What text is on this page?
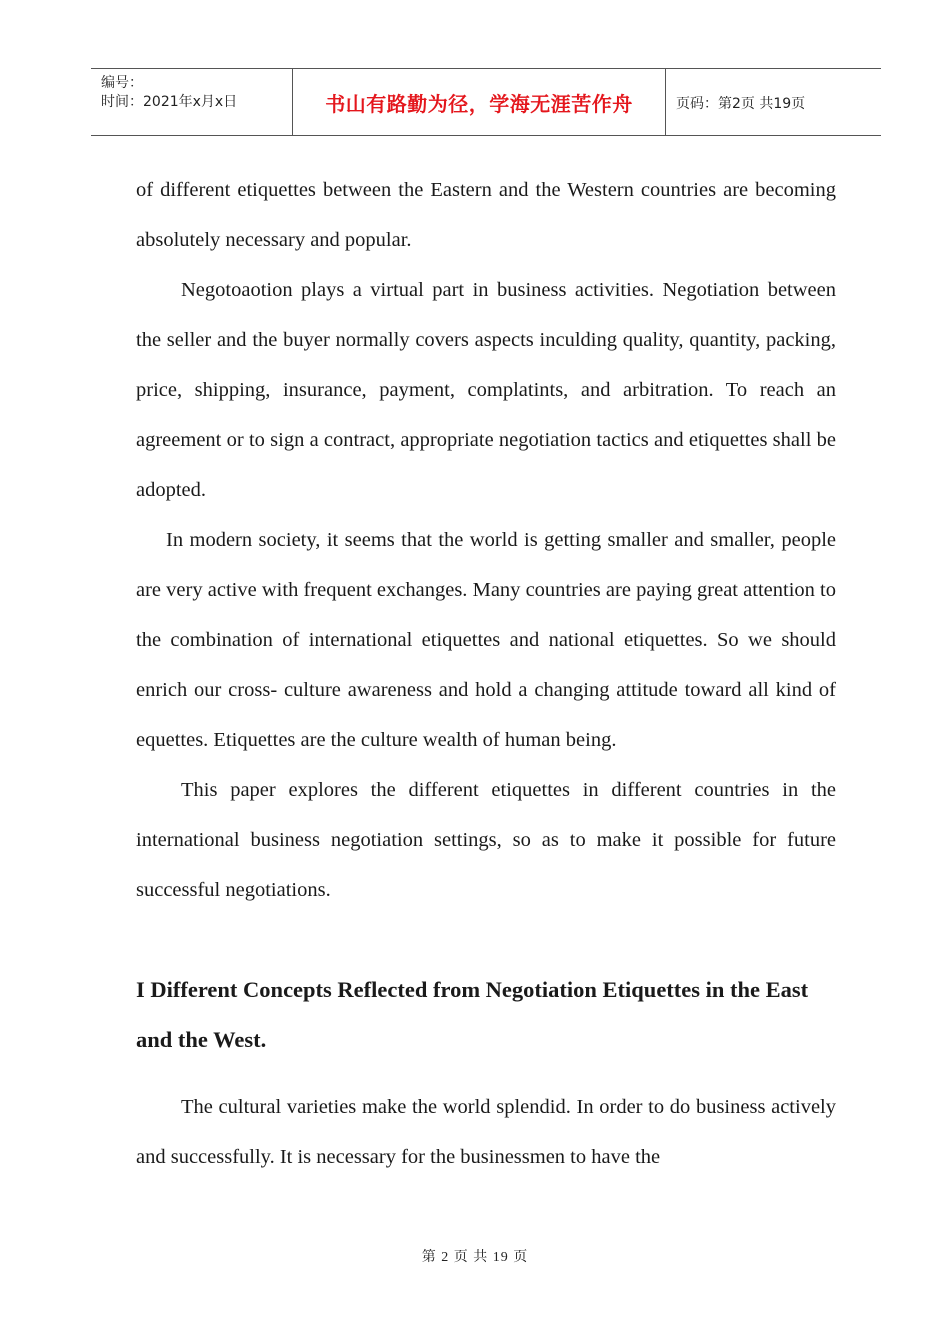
编号：
时间：2021年x月x日	书山有路勤为径，学海无涯苦作舟	页码：第2页 共19页

of different etiquettes between the Eastern and the Western countries are becoming absolutely necessary and popular.

Negotoaotion plays a virtual part in business activities. Negotiation between the seller and the buyer normally covers aspects inculding quality, quantity, packing, price, shipping, insurance, payment, complatints, and arbitration. To reach an agreement or to sign a contract, appropriate negotiation tactics and etiquettes shall be adopted.

In modern society, it seems that the world is getting smaller and smaller, people are very active with frequent exchanges. Many countries are paying great attention to the combination of international etiquettes and national etiquettes. So we should enrich our cross- culture awareness and hold a changing attitude toward all kind of equettes. Etiquettes are the culture wealth of human being.

This paper explores the different etiquettes in different countries in the international business negotiation settings, so as to make it possible for future successful negotiations.

I Different Concepts Reflected from Negotiation Etiquettes in the East and the West.

The cultural varieties make the world splendid. In order to do business actively and successfully. It is necessary for the businessmen to have the

第 2 页 共 19 页
